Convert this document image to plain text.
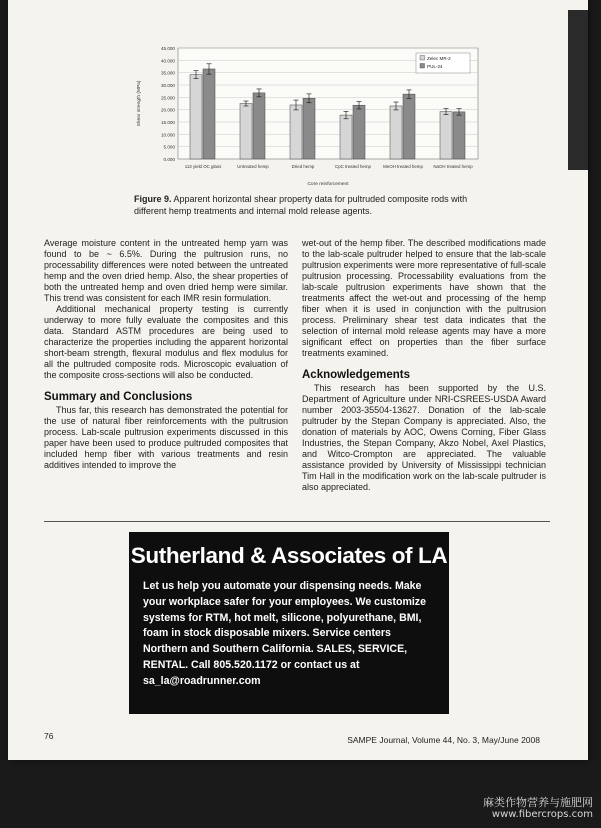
0.000
5.000
10.000
15.000
20.000
25.000
30.000
35.000
40.000
45.000
Shear strength (MPa)
Core reinforcement
113 yield OC glass	Untreated hemp	Dried hemp	CpC treated hemp	MeOH treated hemp NaOH treated hemp
Zelec MR-2
PUL-24
Figure 9. Apparent horizontal shear property data for pultruded composite rods with different hemp treatments and internal mold release agents.

Average moisture content in the untreated hemp yarn was found to be ~ 6.5%. During the pultrusion runs, no processability differences were noted between the untreated hemp and the oven dried hemp. Also, the shear properties of both the untreated hemp and oven dried hemp were similar. This trend was consistent for each IMR resin formulation.

Additional mechanical property testing is currently underway to more fully evaluate the composites and this data. Standard ASTM procedures are being used to characterize the properties including the apparent horizontal short-beam strength, flexural modulus and flex modulus for all the pultruded composite rods. Microscopic evaluation of the composite cross-sections will also be conducted.

Summary and Conclusions

Thus far, this research has demonstrated the potential for the use of natural fiber reinforcements with the pultrusion process. Lab-scale pultrusion experiments discussed in this paper have been used to produce pultruded composites that included hemp fiber with various treatments and resin additives intended to improve the

wet-out of the hemp fiber. The described modifications made to the lab-scale pultruder helped to ensure that the lab-scale pultrusion experiments were more representative of full-scale pultrusion processing. Processability evaluations from the lab-scale pultrusion experiments have shown that the treatments affect the wet-out and processing of the hemp fiber when it is used in conjunction with the pultrusion process. Preliminary shear test data indicates that the selection of internal mold release agents may have a more significant effect on properties than the fiber surface treatments examined.

Acknowledgements

This research has been supported by the U.S. Department of Agriculture under NRI-CSREES-USDA Award number 2003-35504-13627. Donation of the lab-scale pultruder by the Stepan Company is appreciated. Also, the donation of materials by AOC, Owens Corning, Fiber Glass Industries, the Stepan Company, Akzo Nobel, Axel Plastics, and Witco-Crompton are appreciated. The valuable assistance provided by University of Mississippi technician Tim Hall in the modification work on the lab-scale pultruder is also appreciated.

Sutherland & Associates of LA
Let us help you automate your dispensing needs. Make your workplace safer for your employees. We customize systems for RTM, hot melt, silicone, polyurethane, BMI, foam in stock disposable mixers. Service centers Northern and Southern California. SALES, SERVICE, RENTAL. Call 805.520.1172 or contact us at sa_la@roadrunner.com
76	SAMPE Journal, Volume 44, No. 3, May/June 2008
麻类作物营养与施肥网
www.fibercrops.com
